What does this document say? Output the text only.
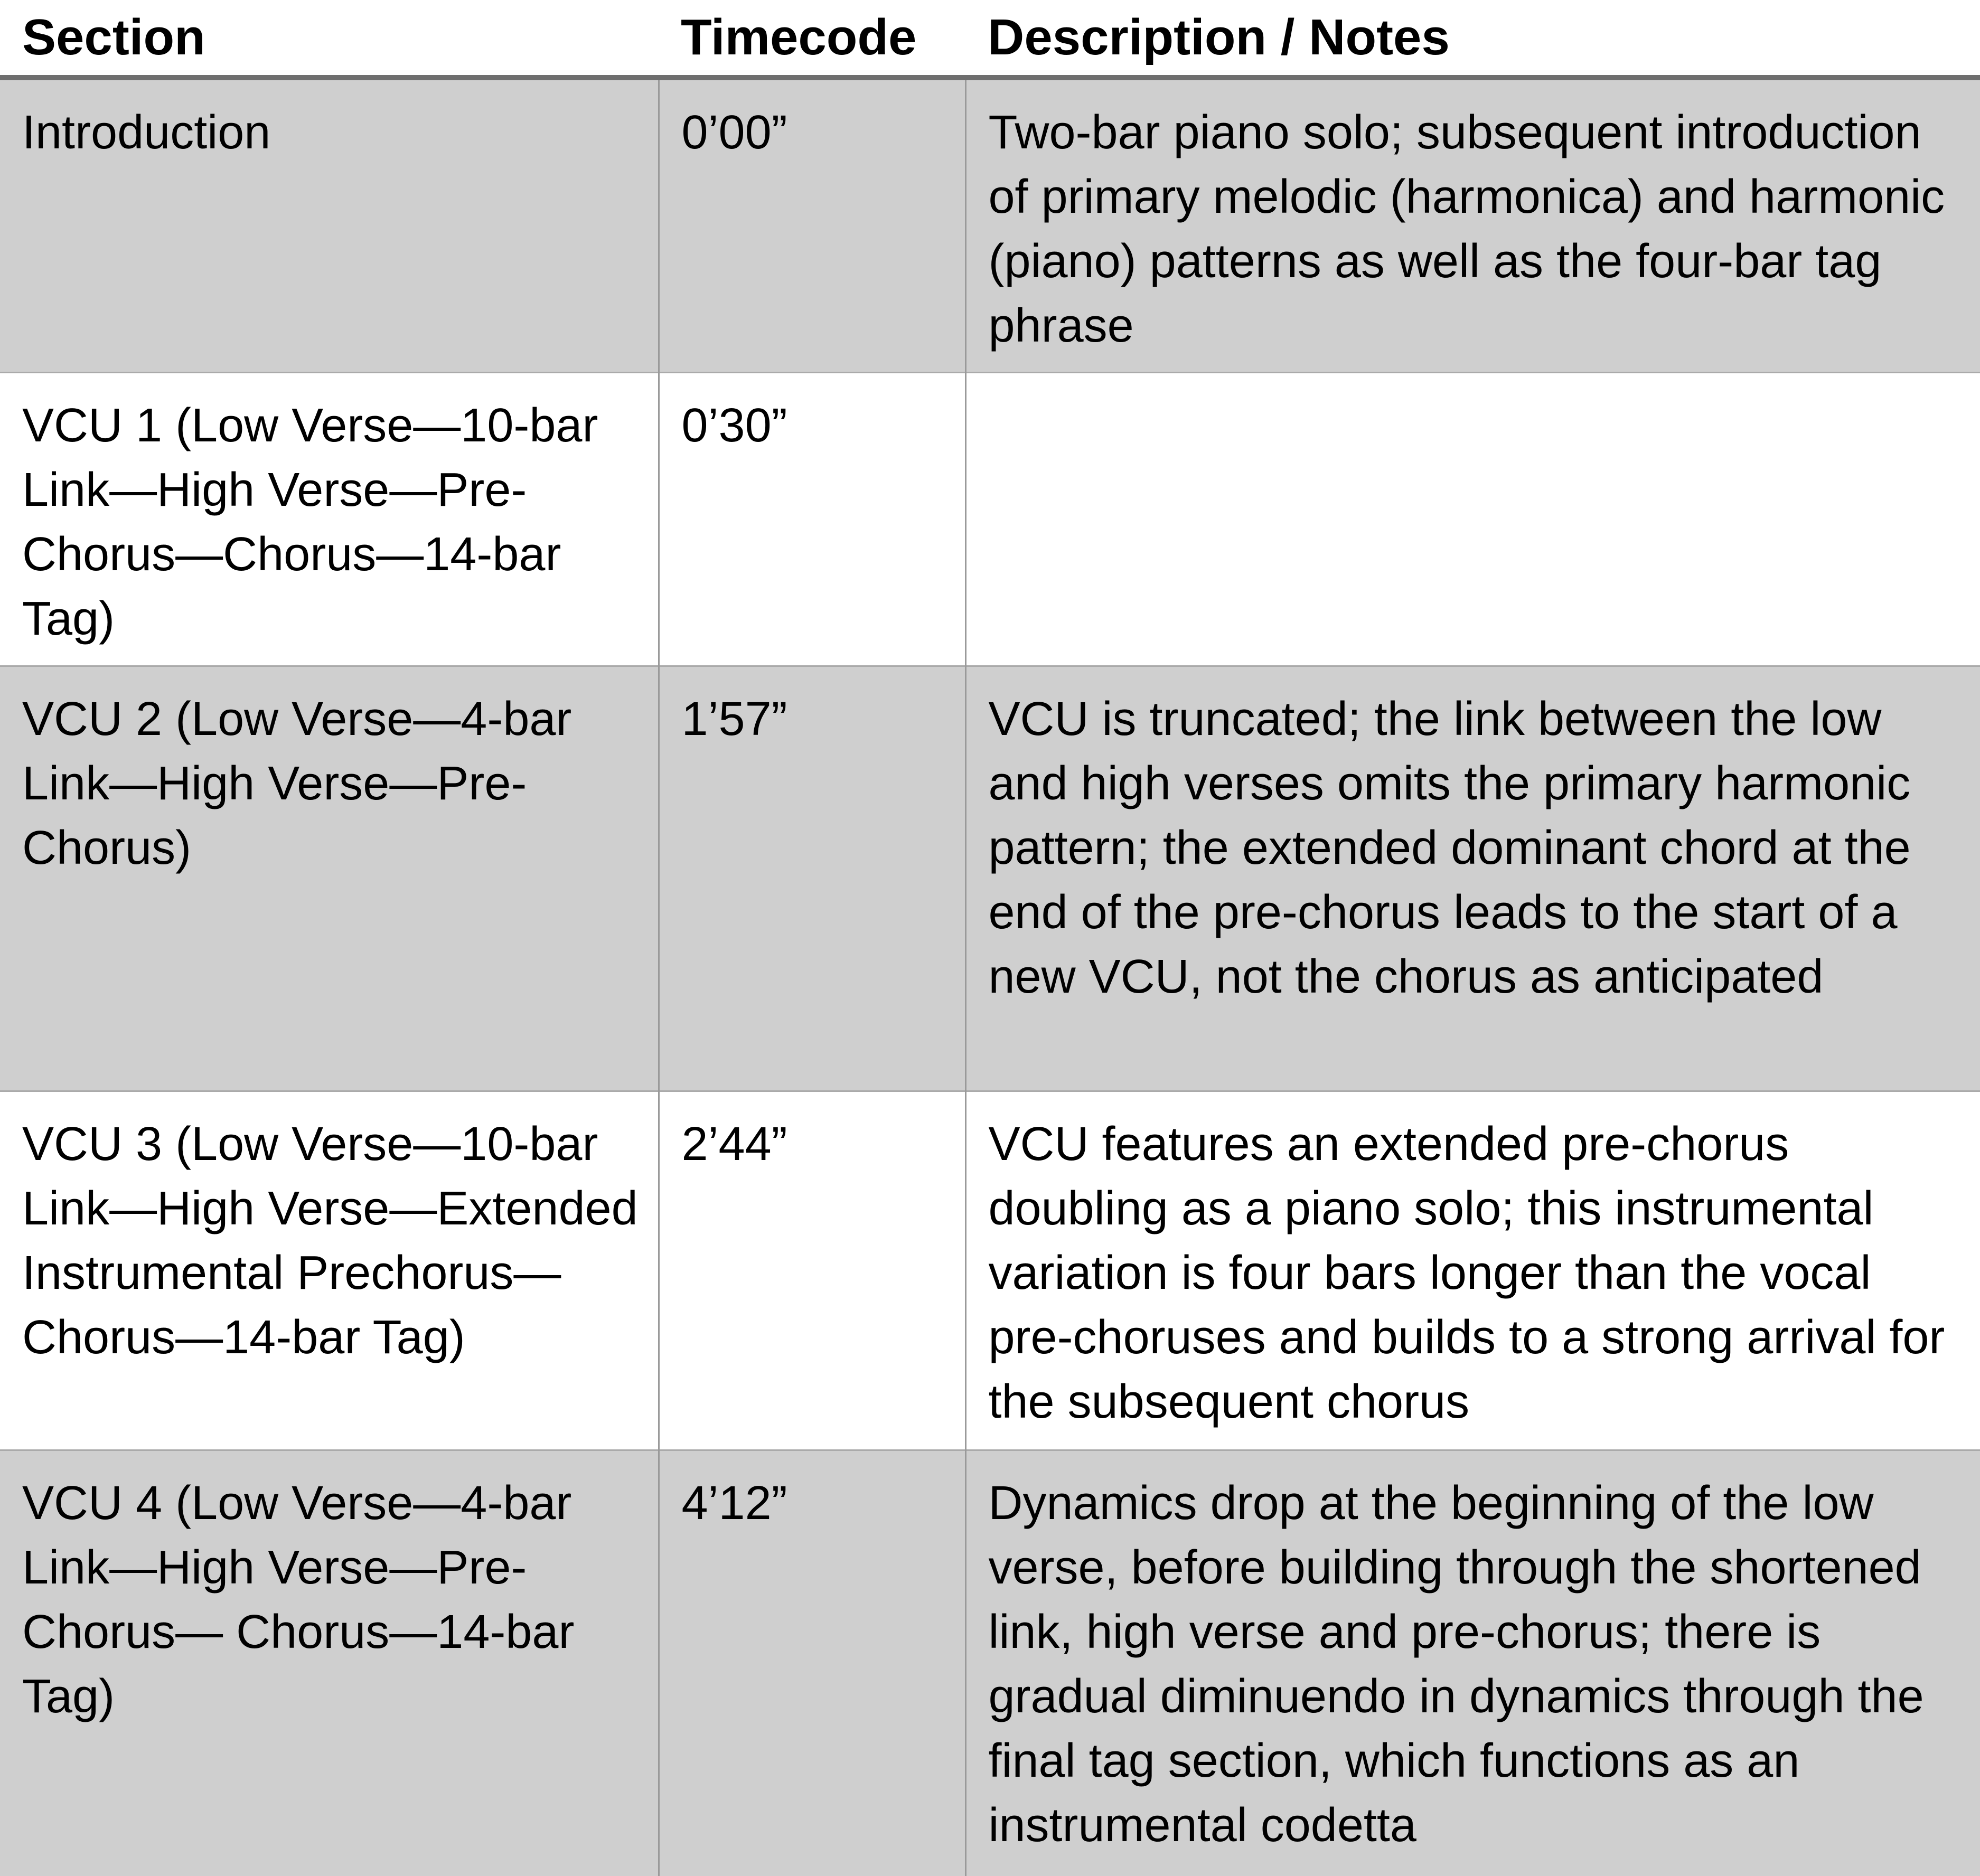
Section	Timecode	Description / Notes
Introduction	0’00”	Two-bar piano solo; subsequent introduction of primary melodic (harmonica) and harmonic (piano) patterns as well as the four-bar tag phrase
VCU 1 (Low Verse—10-bar Link—High Verse—Pre-Chorus—Chorus—14-bar Tag)	0’30”	
VCU 2 (Low Verse—4-bar Link—High Verse—Pre-Chorus)	1’57”	VCU is truncated; the link between the low and high verses omits the primary harmonic pattern; the extended dominant chord at the end of the pre-chorus leads to the start of a new VCU, not the chorus as anticipated
VCU 3 (Low Verse—10-bar Link—High Verse—Extended Instrumental Prechorus—Chorus—14-bar Tag)	2’44”	VCU features an extended pre-chorus doubling as a piano solo; this instrumental variation is four bars longer than the vocal pre-choruses and builds to a strong arrival for the subsequent chorus
VCU 4 (Low Verse—4-bar Link—High Verse—Pre-Chorus— Chorus—14-bar Tag)	4’12”	Dynamics drop at the beginning of the low verse, before building through the shortened link, high verse and pre-chorus; there is gradual diminuendo in dynamics through the final tag section, which functions as an instrumental codetta
